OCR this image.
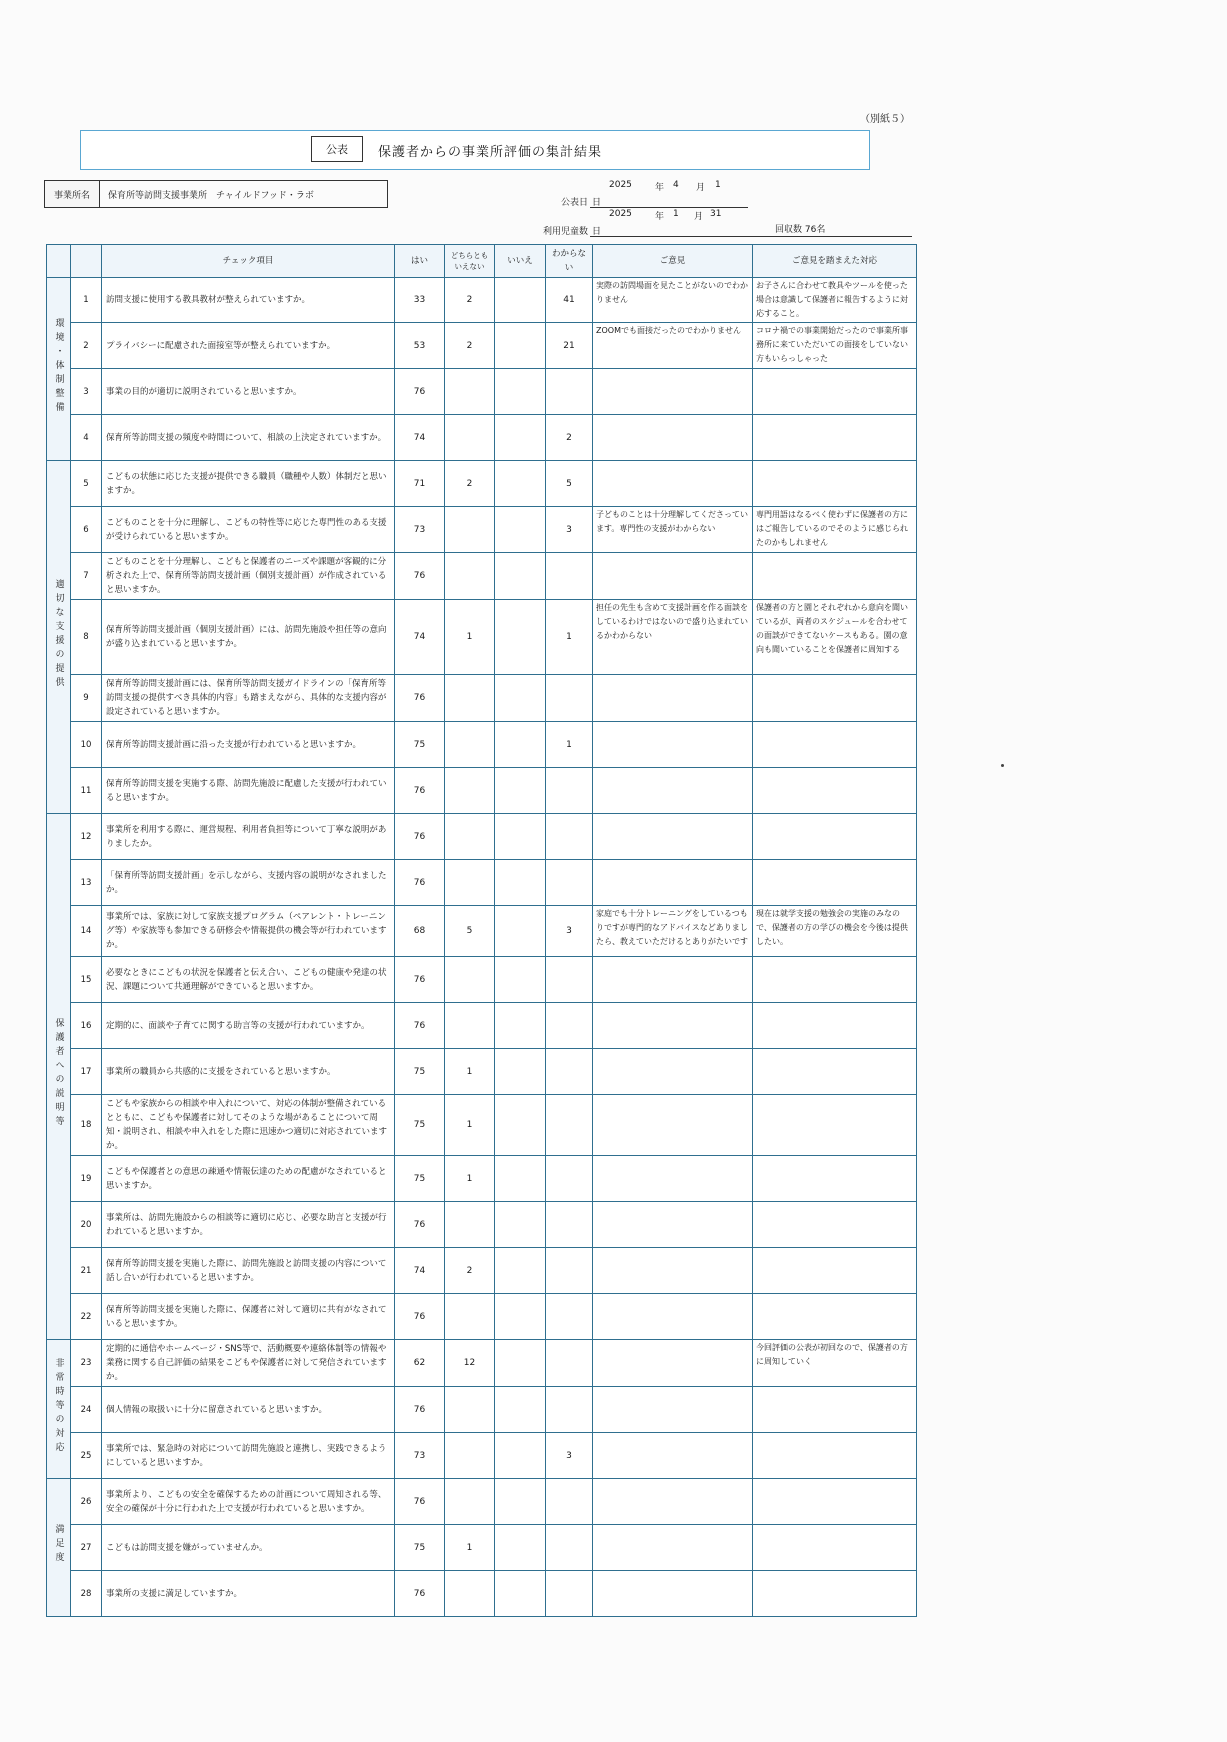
（別紙５）
公表	保護者からの事業所評価の集計結果
事業所名	保育所等訪問支援事業所　チャイルドフッド・ラボ
2025	年 4 月 1
公表日 日
2025	年 1 月 31
利用児童数 日	回収数 76名
		チェック項目	はい	どちらとも
いえない	いいえ	わからない	ご意見	ご意見を踏まえた対応
環境・体制整備	1	訪問支援に使用する教具教材が整えられていますか。	33	2		41	実際の訪問場面を見たことがないのでわかりません	お子さんに合わせて教具やツールを使った場合は意識して保護者に報告するように対応すること。
	2	プライバシーに配慮された面接室等が整えられていますか。	53	2		21	ZOOMでも面接だったのでわかりません	コロナ禍での事業開始だったので事業所事務所に来ていただいての面接をしていない方もいらっしゃった
	3	事業の目的が適切に説明されていると思いますか。	76					
	4	保育所等訪問支援の頻度や時間について、相談の上決定されていますか。	74			2		
適切な支援の提供	5	こどもの状態に応じた支援が提供できる職員（職種や人数）体制だと思いますか。	71	2		5		
	6	こどものことを十分に理解し、こどもの特性等に応じた専門性のある支援が受けられていると思いますか。	73			3	子どものことは十分理解してくださっています。専門性の支援がわからない	専門用語はなるべく使わずに保護者の方にはご報告しているのでそのように感じられたのかもしれません
	7	こどものことを十分理解し、こどもと保護者のニーズや課題が客観的に分析された上で、保育所等訪問支援計画（個別支援計画）が作成されていると思いますか。	76					
	8	保育所等訪問支援計画（個別支援計画）には、訪問先施設や担任等の意向が盛り込まれていると思いますか。	74	1		1	担任の先生も含めて支援計画を作る面談をしているわけではないので盛り込まれているかわからない	保護者の方と園とそれぞれから意向を聞いているが、両者のスケジュールを合わせての面談ができてないケースもある。園の意向も聞いていることを保護者に周知する
	9	保育所等訪問支援計画には、保育所等訪問支援ガイドラインの「保育所等訪問支援の提供すべき具体的内容」も踏まえながら、具体的な支援内容が設定されていると思いますか。	76					
	10	保育所等訪問支援計画に沿った支援が行われていると思いますか。	75			1		
	11	保育所等訪問支援を実施する際、訪問先施設に配慮した支援が行われていると思いますか。	76					
保護者への説明等	12	事業所を利用する際に、運営規程、利用者負担等について丁寧な説明がありましたか。	76					
	13	「保育所等訪問支援計画」を示しながら、支援内容の説明がなされましたか。	76					
	14	事業所では、家族に対して家族支援プログラム（ペアレント・トレーニング等）や家族等も参加できる研修会や情報提供の機会等が行われていますか。	68	5		3	家庭でも十分トレーニングをしているつもりですが専門的なアドバイスなどありましたら、教えていただけるとありがたいです	現在は就学支援の勉強会の実施のみなので、保護者の方の学びの機会を今後は提供したい。
	15	必要なときにこどもの状況を保護者と伝え合い、こどもの健康や発達の状況、課題について共通理解ができていると思いますか。	76					
	16	定期的に、面談や子育てに関する助言等の支援が行われていますか。	76					
	17	事業所の職員から共感的に支援をされていると思いますか。	75	1				
	18	こどもや家族からの相談や申入れについて、対応の体制が整備されているとともに、こどもや保護者に対してそのような場があることについて周知・説明され、相談や申入れをした際に迅速かつ適切に対応されていますか。	75	1				
	19	こどもや保護者との意思の疎通や情報伝達のための配慮がなされていると思いますか。	75	1				
	20	事業所は、訪問先施設からの相談等に適切に応じ、必要な助言と支援が行われていると思いますか。	76					
	21	保育所等訪問支援を実施した際に、訪問先施設と訪問支援の内容について話し合いが行われていると思いますか。	74	2				
	22	保育所等訪問支援を実施した際に、保護者に対して適切に共有がなされていると思いますか。	76					
非常時等の対応	23	定期的に通信やホームページ・SNS等で、活動概要や連絡体制等の情報や業務に関する自己評価の結果をこどもや保護者に対して発信されていますか。	62	12				今回評価の公表が初回なので、保護者の方に周知していく
	24	個人情報の取扱いに十分に留意されていると思いますか。	76					
	25	事業所では、緊急時の対応について訪問先施設と連携し、実践できるようにしていると思いますか。	73			3		
満足度	26	事業所より、こどもの安全を確保するための計画について周知される等、安全の確保が十分に行われた上で支援が行われていると思いますか。	76					
	27	こどもは訪問支援を嫌がっていませんか。	75	1				
	28	事業所の支援に満足していますか。	76					
